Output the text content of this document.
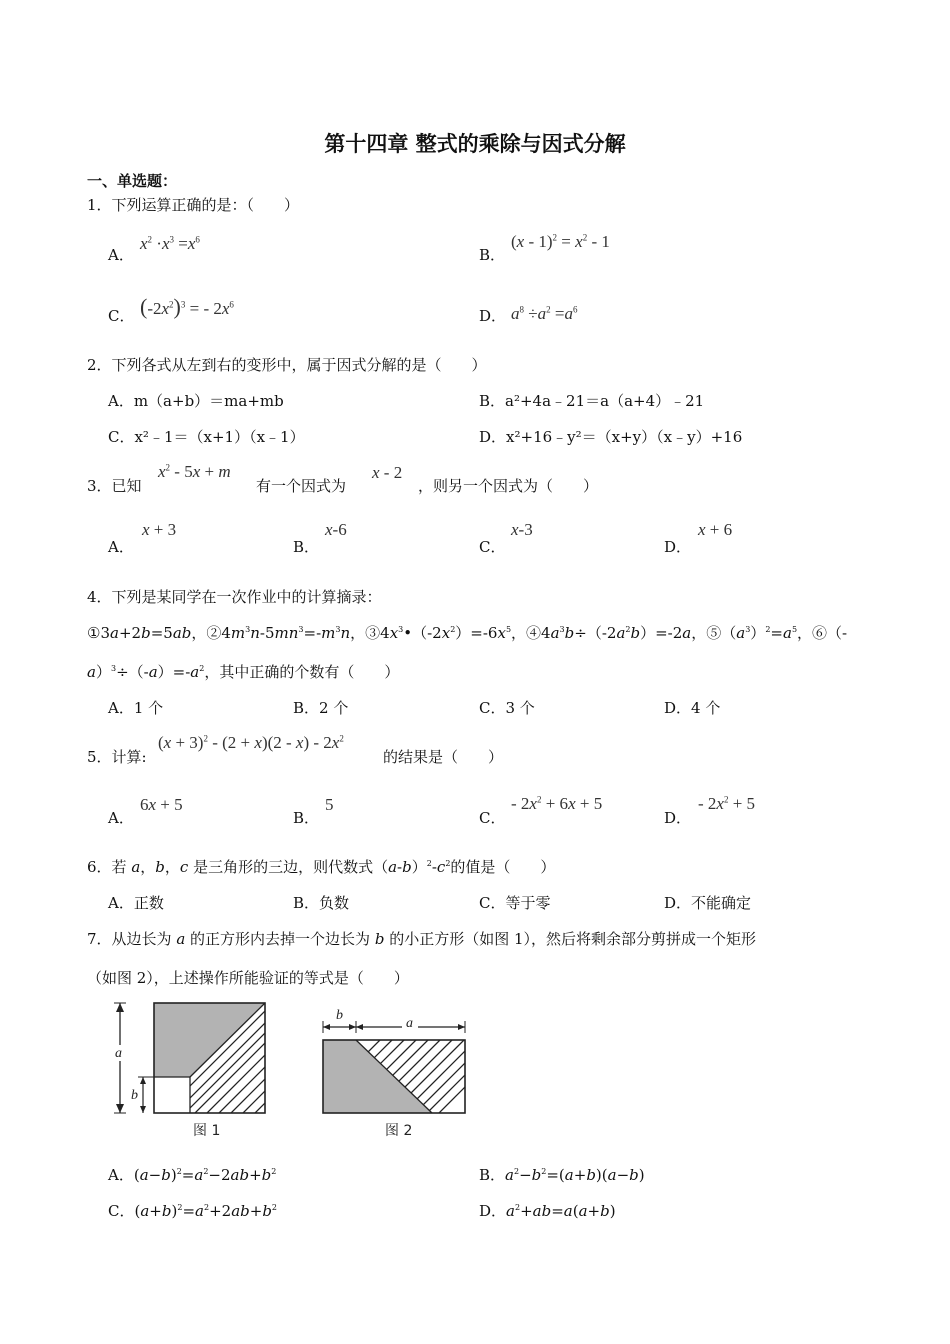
第十四章 整式的乘除与因式分解
一、单选题：
1．下列运算正确的是：（　　）
A．
$x^2 \cdot x^3 =x^6$
B．
$(x - 1)^2 = x^2 - 1$
C． $(-2x^2)^3$ = - $2x^6$
D． $a^8 \div a^2 =a^6$
2．下列各式从左到右的变形中，属于因式分解的是（　　）
A．m（a+b）＝ma+mb	B．a²+4a﹣21＝a（a+4）﹣21
C．x²﹣1＝（x+1）（x﹣1）	D．x²+16﹣y²＝（x+y）（x﹣y）+16
3．已知
$x^2 - 5x + m$
有一个因式为
x - 2
，则另一个因式为（　　）
A．
x + 3
B．
x-6
C．
x-3
D．
x + 6
4．下列是某同学在一次作业中的计算摘录：
①3a+2b=5ab，$②4m^3n-5mn^3=-m^3n$，$③4x^3•(-2x^2)=-6x^5$，$④4a^3b\div(-2a^2b)=-2a$，$⑤(a^3)^2=a^5$，⑥（-
$a)^3\div(-a)=-a^2$，其中正确的个数有（　　）
A．1 个	B．2 个	C．3 个	D．4 个
5．计算:
$(x + 3)^2 - (2 + x)(2 - x) - 2x^2$
的结果是（　　）
A．
6x + 5
B．
5
C．
- $2x^2 + 6x + 5$
D．
- $2x^2 + 5$
6．若 a，b，c 是三角形的三边，则代数式$(a-b)^2-c^2$的值是（　　）
A．正数	B．负数	C．等于零	D．不能确定
7．从边长为 a 的正方形内去掉一个边长为 b 的小正方形（如图 1），然后将剩余部分剪拼成一个矩形
（如图 2），上述操作所能验证的等式是（　　）
a
b
图 1
b
a
图 2
A．$(a-b)^2=a^2-2ab+b^2$	B．$a^2-b^2=(a+b)(a-b)$
C．$(a+b)^2=a^2+2ab+b^2$	D．$a^2+ab=a(a+b)$
